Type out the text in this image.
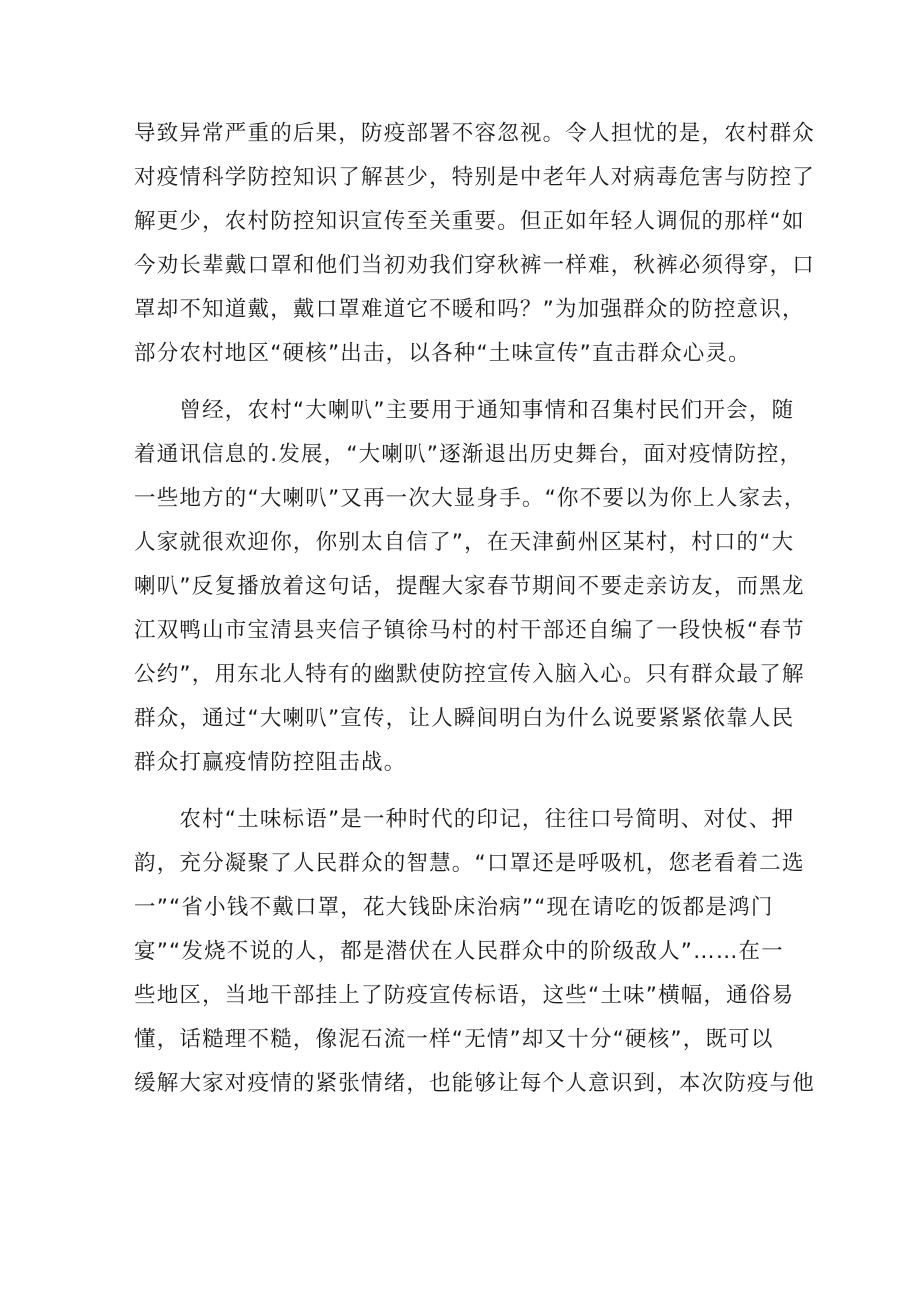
导致异常严重的后果，防疫部署不容忽视。令人担忧的是，农村群众
对疫情科学防控知识了解甚少，特别是中老年人对病毒危害与防控了
解更少，农村防控知识宣传至关重要。但正如年轻人调侃的那样“如
今劝长辈戴口罩和他们当初劝我们穿秋裤一样难，秋裤必须得穿，口
罩却不知道戴，戴口罩难道它不暖和吗？”为加强群众的防控意识，
部分农村地区“硬核”出击，以各种“土味宣传”直击群众心灵。
　　曾经，农村“大喇叭”主要用于通知事情和召集村民们开会，随
着通讯信息的.发展，“大喇叭”逐渐退出历史舞台，面对疫情防控，
一些地方的“大喇叭”又再一次大显身手。“你不要以为你上人家去，
人家就很欢迎你，你别太自信了”，在天津蓟州区某村，村口的“大
喇叭”反复播放着这句话，提醒大家春节期间不要走亲访友，而黑龙
江双鸭山市宝清县夹信子镇徐马村的村干部还自编了一段快板“春节
公约”，用东北人特有的幽默使防控宣传入脑入心。只有群众最了解
群众，通过“大喇叭”宣传，让人瞬间明白为什么说要紧紧依靠人民
群众打赢疫情防控阻击战。
　　农村“土味标语”是一种时代的印记，往往口号简明、对仗、押
韵，充分凝聚了人民群众的智慧。“口罩还是呼吸机，您老看着二选
一”“省小钱不戴口罩，花大钱卧床治病”“现在请吃的饭都是鸿门
宴”“发烧不说的人，都是潜伏在人民群众中的阶级敌人”……在一
些地区，当地干部挂上了防疫宣传标语，这些“土味”横幅，通俗易
懂，话糙理不糙，像泥石流一样“无情”却又十分“硬核”，既可以
缓解大家对疫情的紧张情绪，也能够让每个人意识到，本次防疫与他
